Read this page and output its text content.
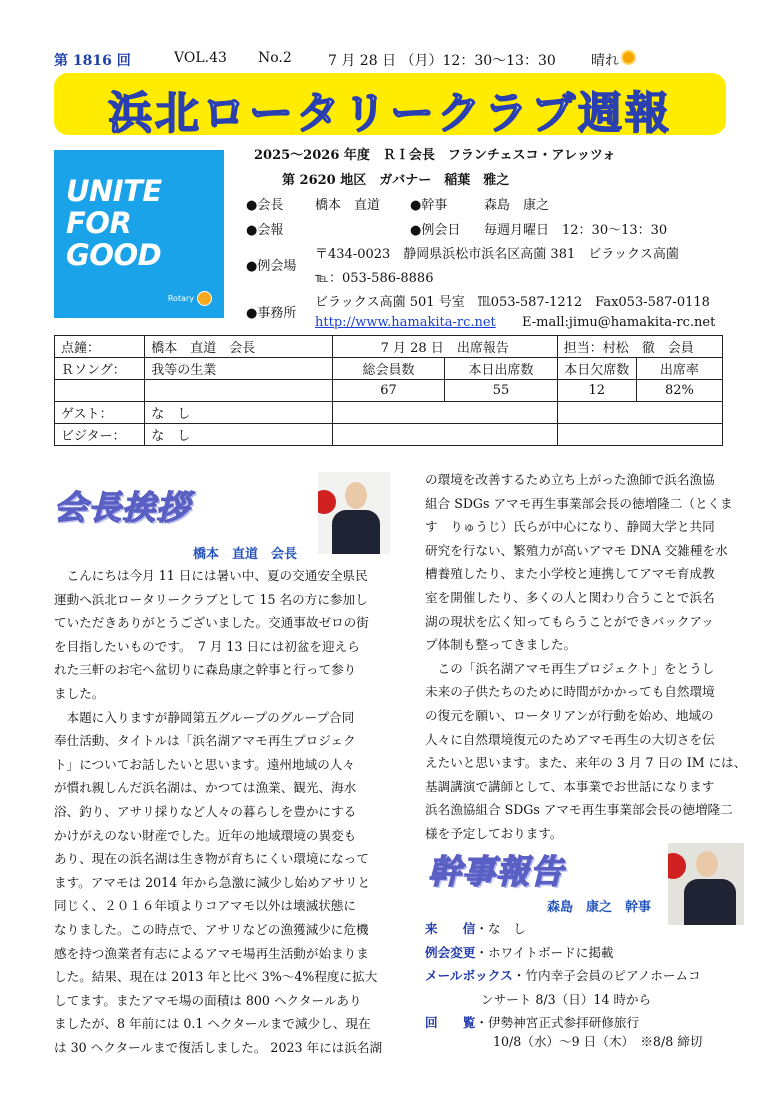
第 1816 回	VOL.43 No.2	7 月 28 日 （月）12：30～13：30	晴れ
浜北ロータリークラブ週報
UNITE
FOR
GOOD
Rotary
2025～2026 年度　ＲＩ会長　フランチェスコ・アレッツォ
第 2620 地区　ガバナー　稲葉　雅之
●会長 橋本　直道 ●幹事	森島　康之
●会報	●例会日 毎週月曜日　12：30～13：30
●例会場
〒434-0023　静岡県浜松市浜名区高薗 381　ビラックス高薗
℡：053-586-8886
●事務所
ビラックス高薗 501 号室　℡053-587-1212　Fax053-587-0118
http://www.hamakita-rc.net E-mall:jimu@hamakita-rc.net
点鐘：	橋本　直道　会長	7 月 28 日　出席報告		担当：村松　徹　会員	
Ｒソング：	我等の生業	総会員数	本日出席数	本日欠席数	出席率
		67	55	12	82%
ゲスト：	な　し				
ビジター：	な　し				
会長挨拶
橋本　直道　会長
　こんにちは今月 11 日には暑い中、夏の交通安全県民
運動へ浜北ロータリークラブとして 15 名の方に参加し
ていただきありがとうございました。交通事故ゼロの街
を目指したいものです。　7 月 13 日には初盆を迎えら
れた三軒のお宅へ盆切りに森島康之幹事と行って参り
ました。
　本題に入りますが静岡第五グループのグループ合同
奉仕活動、タイトルは「浜名湖アマモ再生プロジェク
ト」についてお話したいと思います。遠州地域の人々
が慣れ親しんだ浜名湖は、かつては漁業、観光、海水
浴、釣り、アサリ採りなど人々の暮らしを豊かにする
かけがえのない財産でした。近年の地域環境の異変も
あり、現在の浜名湖は生き物が育ちにくい環境になって
ます。アマモは 2014 年から急激に減少し始めアサリと
同じく、２０１６年頃よりコアマモ以外は壊滅状態に
なりました。この時点で、アサリなどの漁獲減少に危機
感を持つ漁業者有志によるアマモ場再生活動が始まりま
した。結果、現在は 2013 年と比べ 3%～4%程度に拡大
してます。またアマモ場の面積は 800 ヘクタールあり
ましたが、8 年前には 0.1 ヘクタールまで減少し、現在
は 30 ヘクタールまで復活しました。 2023 年には浜名湖
の環境を改善するため立ち上がった漁師で浜名漁協
組合 SDGs アマモ再生事業部会長の徳増隆二（とくま
す　りゅうじ）氏らが中心になり、静岡大学と共同
研究を行ない、繁殖力が高いアマモ DNA 交雑種を水
槽養殖したり、また小学校と連携してアマモ育成教
室を開催したり、多くの人と関わり合うことで浜名
湖の現状を広く知ってもらうことができバックアッ
プ体制も整ってきました。
　この「浜名湖アマモ再生プロジェクト」をとうし
未来の子供たちのために時間がかかっても自然環境
の復元を願い、ロータリアンが行動を始め、地域の
人々に自然環境復元のためアマモ再生の大切さを伝
えたいと思います。また、来年の 3 月 7 日の IM には、
基調講演で講師として、本事業でお世話になります
浜名漁協組合 SDGs アマモ再生事業部会長の徳増隆二
様を予定しております。
幹事報告
森島　康之　幹事
来　　信・な　し
例会変更・ホワイトボードに掲載
メールボックス・竹内幸子会員のピアノホームコ
ンサート 8/3（日）14 時から
回　　覧・伊勢神宮正式参拝研修旅行
10/8（水）～9 日（木）　※8/8 締切
